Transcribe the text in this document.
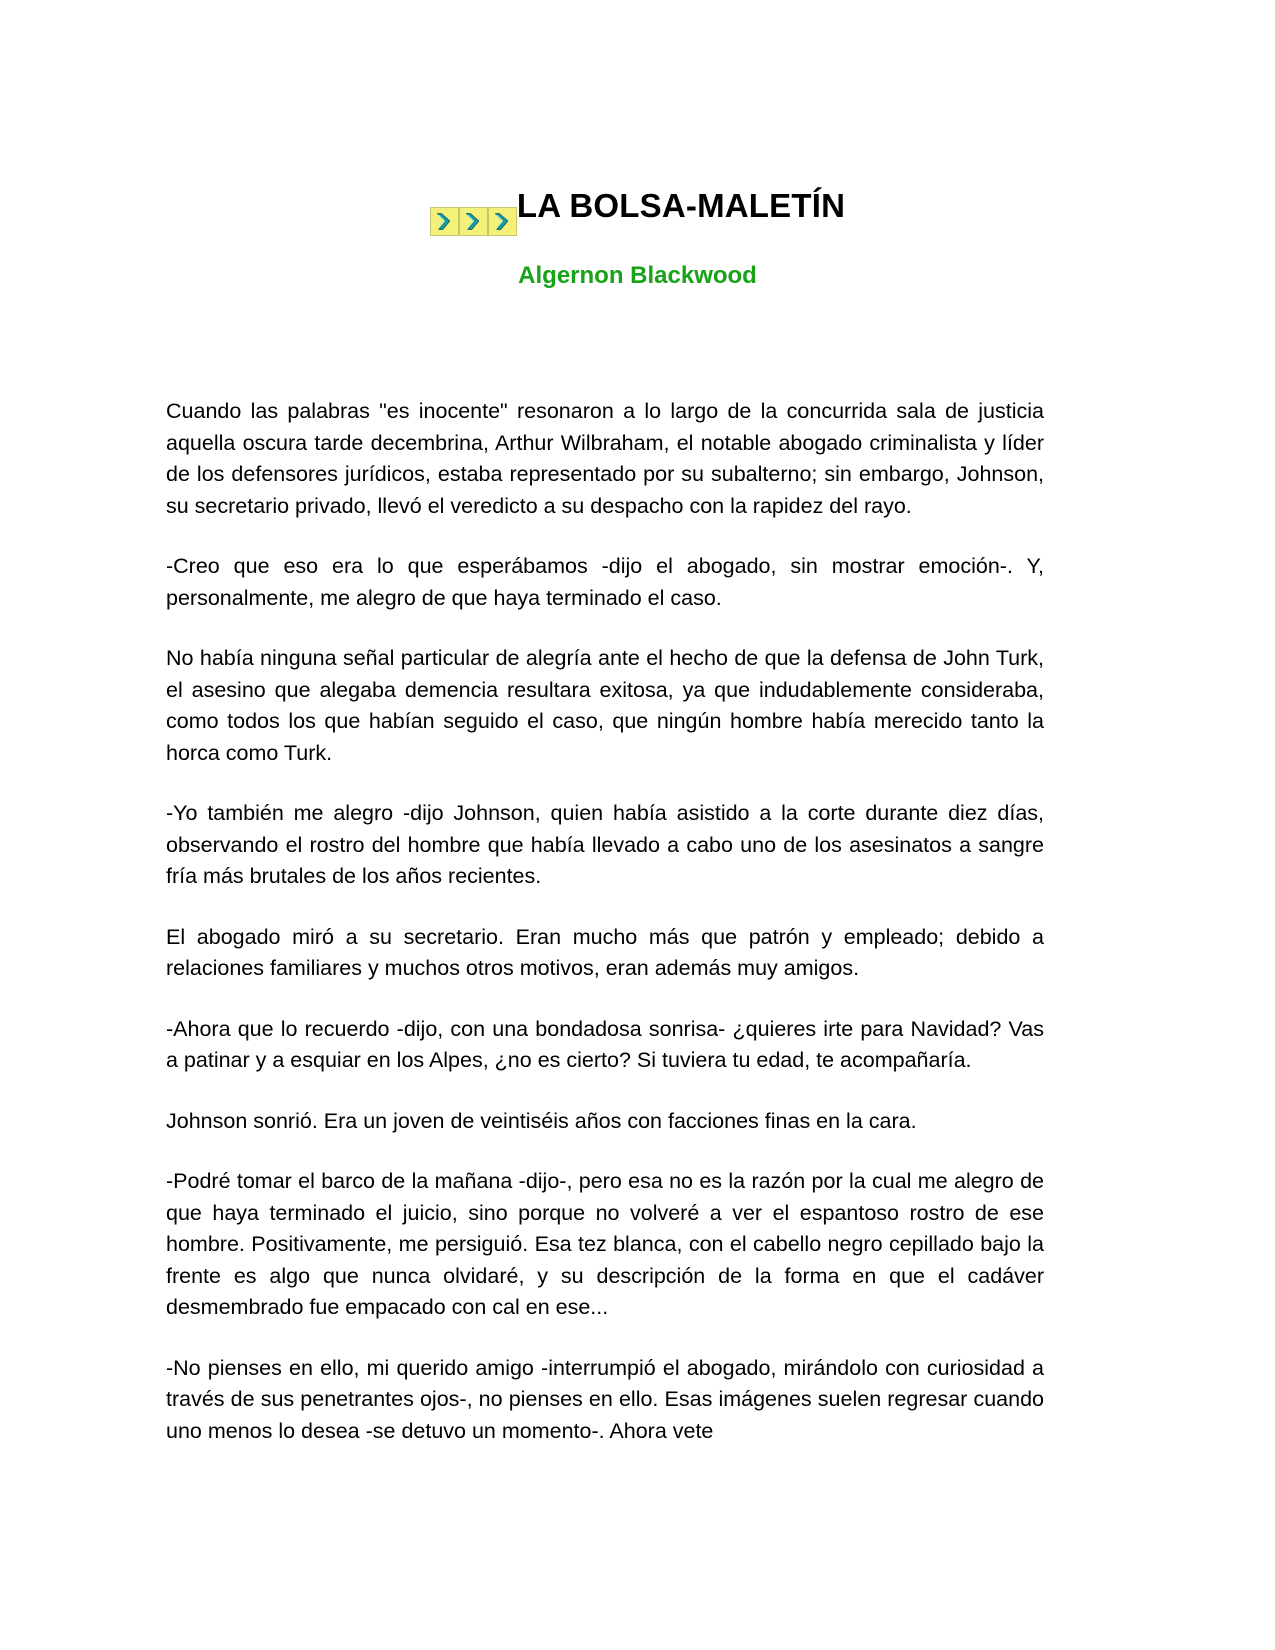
LA BOLSA-MALETÍN
Algernon Blackwood

Cuando las palabras "es inocente" resonaron a lo largo de la concurrida sala de justicia aquella oscura tarde decembrina, Arthur Wilbraham, el notable abogado criminalista y líder de los defensores jurídicos, estaba representado por su subalterno; sin embargo, Johnson, su secretario privado, llevó el veredicto a su despacho con la rapidez del rayo.

-Creo que eso era lo que esperábamos -dijo el abogado, sin mostrar emoción-. Y, personalmente, me alegro de que haya terminado el caso.

No había ninguna señal particular de alegría ante el hecho de que la defensa de John Turk, el asesino que alegaba demencia resultara exitosa, ya que indudablemente consideraba, como todos los que habían seguido el caso, que ningún hombre había merecido tanto la horca como Turk.

-Yo también me alegro -dijo Johnson, quien había asistido a la corte durante diez días, observando el rostro del hombre que había llevado a cabo uno de los asesinatos a sangre fría más brutales de los años recientes.

El abogado miró a su secretario. Eran mucho más que patrón y empleado; debido a relaciones familiares y muchos otros motivos, eran además muy amigos.

-Ahora que lo recuerdo -dijo, con una bondadosa sonrisa- ¿quieres irte para Navidad? Vas a patinar y a esquiar en los Alpes, ¿no es cierto? Si tuviera tu edad, te acompañaría.

Johnson sonrió. Era un joven de veintiséis años con facciones finas en la cara.

-Podré tomar el barco de la mañana -dijo-, pero esa no es la razón por la cual me alegro de que haya terminado el juicio, sino porque no volveré a ver el espantoso rostro de ese hombre. Positivamente, me persiguió. Esa tez blanca, con el cabello negro cepillado bajo la frente es algo que nunca olvidaré, y su descripción de la forma en que el cadáver desmembrado fue empacado con cal en ese...

-No pienses en ello, mi querido amigo -interrumpió el abogado, mirándolo con curiosidad a través de sus penetrantes ojos-, no pienses en ello. Esas imágenes suelen regresar cuando uno menos lo desea -se detuvo un momento-. Ahora vete
